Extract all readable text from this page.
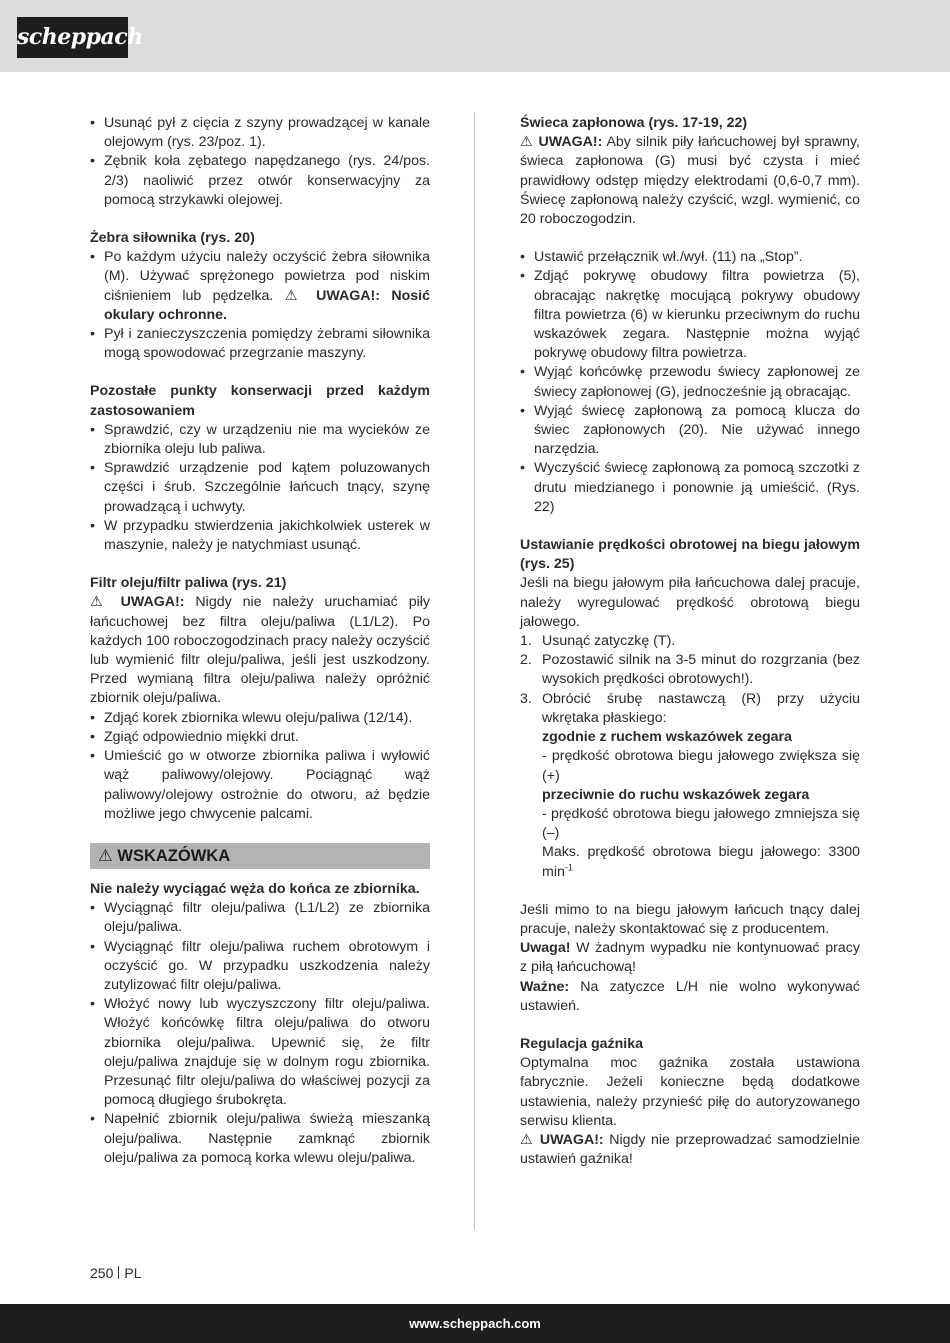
scheppach
• Usunąć pył z cięcia z szyny prowadzącej w kanale olejowym (rys. 23/poz. 1).
• Zębnik koła zębatego napędzanego (rys. 24/pos. 2/3) naoliwić przez otwór konserwacyjny za pomocą strzykawki olejowej.

Żebra siłownika (rys. 20)

• Po każdym użyciu należy oczyścić żebra siłownika (M). Używać sprężonego powietrza pod niskim ciśnieniem lub pędzelka. ⚠ UWAGA!: Nosić okulary ochronne.
• Pył i zanieczyszczenia pomiędzy żebrami siłownika mogą spowodować przegrzanie maszyny.

Pozostałe punkty konserwacji przed każdym zastosowaniem

• Sprawdzić, czy w urządzeniu nie ma wycieków ze zbiornika oleju lub paliwa.
• Sprawdzić urządzenie pod kątem poluzowanych części i śrub. Szczególnie łańcuch tnący, szynę prowadzącą i uchwyty.
• W przypadku stwierdzenia jakichkolwiek usterek w maszynie, należy je natychmiast usunąć.

Filtr oleju/filtr paliwa (rys. 21)

⚠ UWAGA!: Nigdy nie należy uruchamiać piły łańcuchowej bez filtra oleju/paliwa (L1/L2). Po każdych 100 roboczogodzinach pracy należy oczyścić lub wymienić filtr oleju/paliwa, jeśli jest uszkodzony. Przed wymianą filtra oleju/paliwa należy opróżnić zbiornik oleju/paliwa.

• Zdjąć korek zbiornika wlewu oleju/paliwa (12/14).
• Zgiąć odpowiednio miękki drut.
• Umieścić go w otworze zbiornika paliwa i wyłowić wąż paliwowy/olejowy. Pociągnąć wąż paliwowy/olejowy ostrożnie do otworu, aż będzie możliwe jego chwycenie palcami.
⚠ WSKAZÓWKA

Nie należy wyciągać węża do końca ze zbiornika.

• Wyciągnąć filtr oleju/paliwa (L1/L2) ze zbiornika oleju/paliwa.
• Wyciągnąć filtr oleju/paliwa ruchem obrotowym i oczyścić go. W przypadku uszkodzenia należy zutylizować filtr oleju/paliwa.
• Włożyć nowy lub wyczyszczony filtr oleju/paliwa. Włożyć końcówkę filtra oleju/paliwa do otworu zbiornika oleju/paliwa. Upewnić się, że filtr oleju/paliwa znajduje się w dolnym rogu zbiornika. Przesunąć filtr oleju/paliwa do właściwej pozycji za pomocą długiego śrubokręta.
• Napełnić zbiornik oleju/paliwa świeżą mieszanką oleju/paliwa. Następnie zamknąć zbiornik oleju/paliwa za pomocą korka wlewu oleju/paliwa.

Świeca zapłonowa (rys. 17-19, 22)

⚠ UWAGA!: Aby silnik piły łańcuchowej był sprawny, świeca zapłonowa (G) musi być czysta i mieć prawidłowy odstęp między elektrodami (0,6-0,7 mm). Świecę zapłonową należy czyścić, wzgl. wymienić, co 20 roboczogodzin.

• Ustawić przełącznik wł./wył. (11) na „Stop”.
• Zdjąć pokrywę obudowy filtra powietrza (5), obracając nakrętkę mocującą pokrywy obudowy filtra powietrza (6) w kierunku przeciwnym do ruchu wskazówek zegara. Następnie można wyjąć pokrywę obudowy filtra powietrza.
• Wyjąć końcówkę przewodu świecy zapłonowej ze świecy zapłonowej (G), jednocześnie ją obracając.
• Wyjąć świecę zapłonową za pomocą klucza do świec zapłonowych (20). Nie używać innego narzędzia.
• Wyczyścić świecę zapłonową za pomocą szczotki z drutu miedzianego i ponownie ją umieścić. (Rys. 22)

Ustawianie prędkości obrotowej na biegu jałowym (rys. 25)

Jeśli na biegu jałowym piła łańcuchowa dalej pracuje, należy wyregulować prędkość obrotową biegu jałowego.

1. Usunąć zatyczkę (T).
2. Pozostawić silnik na 3-5 minut do rozgrzania (bez wysokich prędkości obrotowych!).
3. Obrócić śrubę nastawczą (R) przy użyciu wkrętaka płaskiego:

zgodnie z ruchem wskazówek zegara

- prędkość obrotowa biegu jałowego zwiększa się (+)

przeciwnie do ruchu wskazówek zegara

- prędkość obrotowa biegu jałowego zmniejsza się (–)

Maks. prędkość obrotowa biegu jałowego: 3300 $\min^{-1}$

Jeśli mimo to na biegu jałowym łańcuch tnący dalej pracuje, należy skontaktować się z producentem.

Uwaga! W żadnym wypadku nie kontynuować pracy z piłą łańcuchową!

Ważne: Na zatyczce L/H nie wolno wykonywać ustawień.

Regulacja gaźnika

Optymalna moc gaźnika została ustawiona fabrycznie. Jeżeli konieczne będą dodatkowe ustawienia, należy przynieść piłę do autoryzowanego serwisu klienta.

⚠ UWAGA!: Nigdy nie przeprowadzać samodzielnie ustawień gaźnika!

250 PL
www.scheppach.com
